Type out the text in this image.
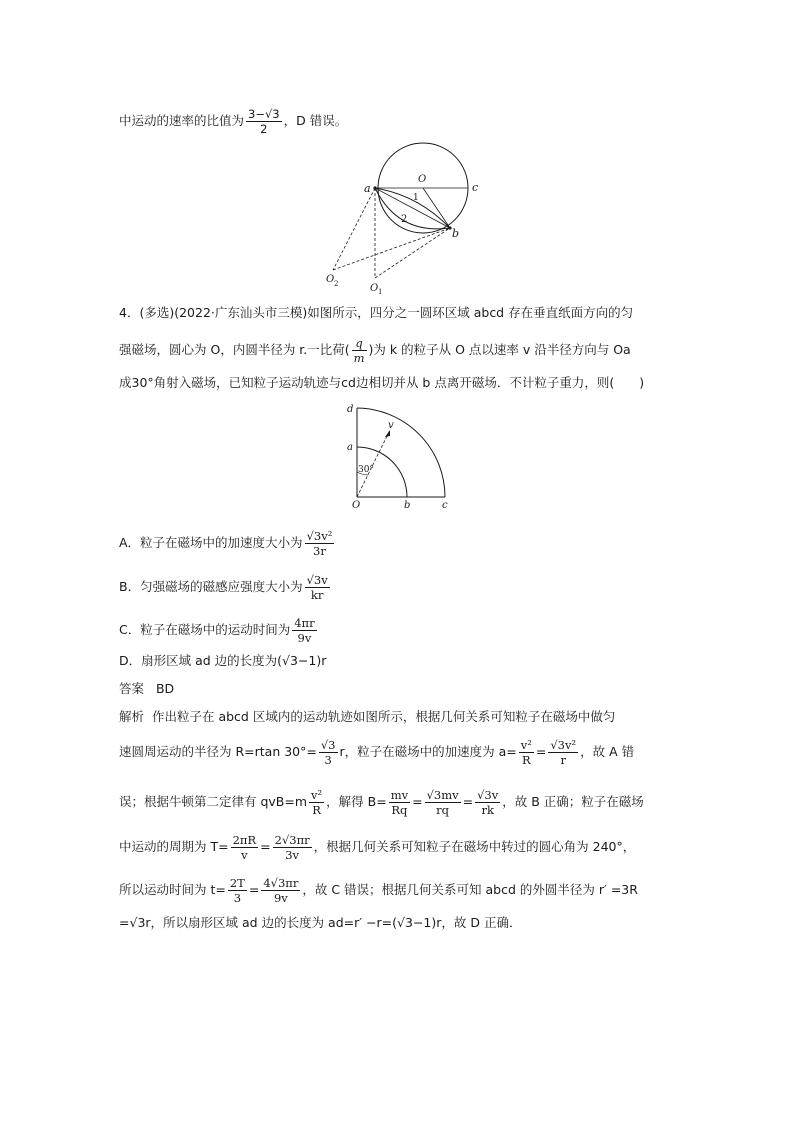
中运动的速率的比值为 $\frac{3-√3}{2}$ ，D 错误。
a
O
c
b
1
2
O 2	O 1
4．(多选)(2022·广东汕头市三模)如图所示，四分之一圆环区域 abcd 存在垂直纸面方向的匀
强磁场，圆心为 O，内圆半径为 r.一比荷( $\frac{q}{m}$ )为 k 的粒子从 O 点以速率 v 沿半径方向与 Oa
成30°角射入磁场，已知粒子运动轨迹与cd边相切并从 b 点离开磁场．不计粒子重力，则(　　)
d
a
v
30°
O	b	c
A．粒子在磁场中的加速度大小为 $\frac{\text{√3v²}}{3r}$
B．匀强磁场的磁感应强度大小为 $\frac{√3v}{kr}$
C．粒子在磁场中的运动时间为 $\frac{4\pi r}{9v}$
D．扇形区域 ad 边的长度为(√3−1)r
答案 BD
解析 作出粒子在 abcd 区域内的运动轨迹如图所示，根据几何关系可知粒子在磁场中做匀
速圆周运动的半径为 R=rtan $30^\circ= \frac{√3}{3}$ r，粒子在磁场中的加速度为 $a= \frac{\text{v²}}{R} = \frac{\text{√3v²}}{r}$ ，故 A 错
误；根据牛顿第二定律有 $qvB=m \frac{\text{v²}}{R}$ ，解得 $B= \frac{mv}{Rq} = \frac{√3mv}{rq} = \frac{√3v}{rk}$ ，故 B 正确；粒子在磁场
中运动的周期为 $T= \frac{2\pi R}{v} = \frac{2√3\pi r}{3v}$ ，根据几何关系可知粒子在磁场中转过的圆心角为 240°，
所以运动时间为 $t= \frac{2T}{3} = \frac{4√3\pi r}{9v}$ ，故 C 错误；根据几何关系可知 abcd 的外圆半径为 r′ =3R
=√3r，所以扇形区域 ad 边的长度为 ad=r′ −r=(√3−1)r，故 D 正确．
